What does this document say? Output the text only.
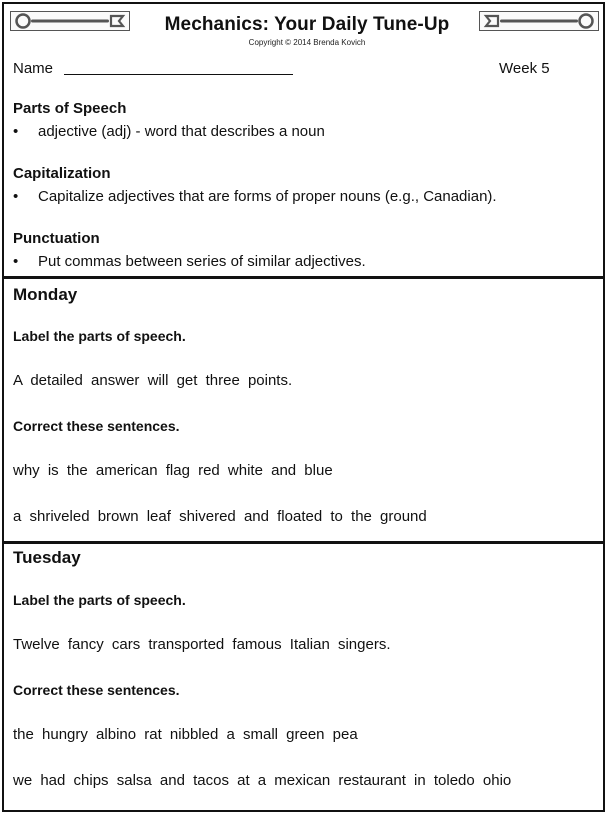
Mechanics: Your Daily Tune-Up
Copyright © 2014 Brenda Kovich
Name	Week 5
Parts of Speech
• adjective (adj) - word that describes a noun
Capitalization
• Capitalize adjectives that are forms of proper nouns (e.g., Canadian).
Punctuation
• Put commas between series of similar adjectives.
Monday
Label the parts of speech.
A detailed answer will get three points.
Correct these sentences.
why is the american flag red white and blue
a shriveled brown leaf shivered and floated to the ground
Tuesday
Label the parts of speech.
Twelve fancy cars transported famous Italian singers.
Correct these sentences.
the hungry albino rat nibbled a small green pea
we had chips salsa and tacos at a mexican restaurant in toledo ohio
